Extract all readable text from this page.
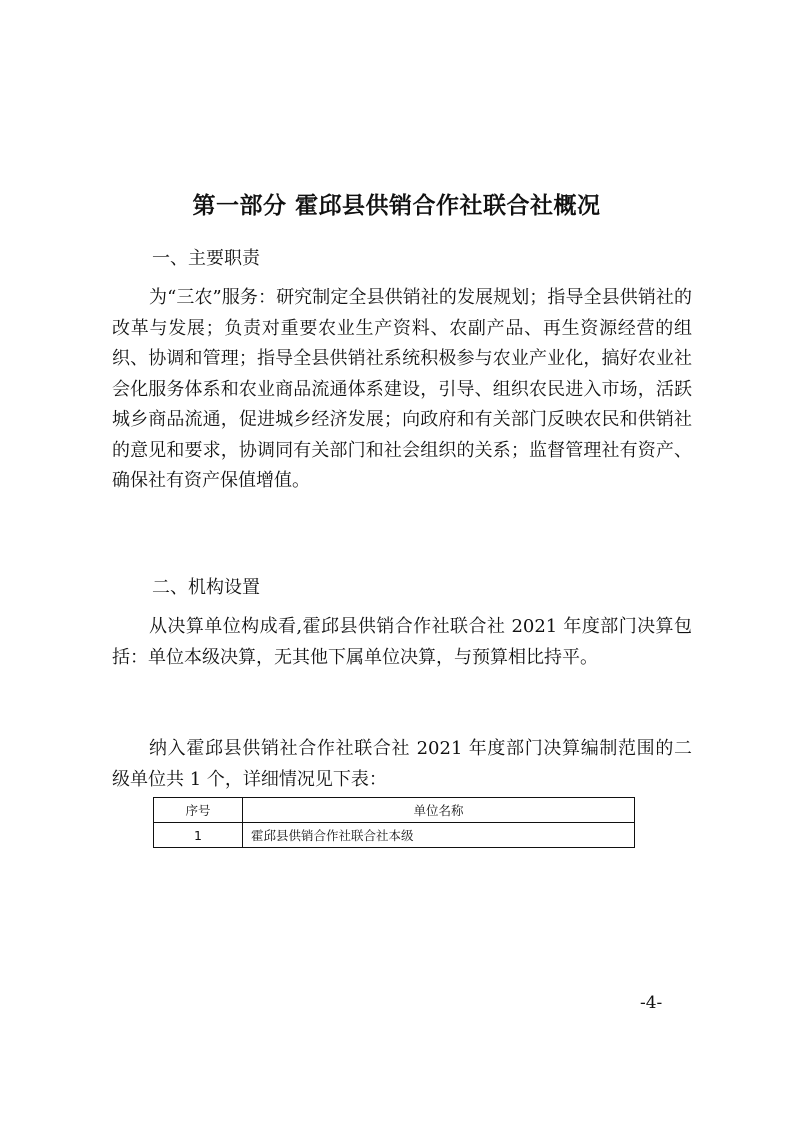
第一部分 霍邱县供销合作社联合社概况
一、主要职责

为“三农”服务：研究制定全县供销社的发展规划；指导全县供销社的改革与发展；负责对重要农业生产资料、农副产品、再生资源经营的组织、协调和管理；指导全县供销社系统积极参与农业产业化，搞好农业社会化服务体系和农业商品流通体系建设，引导、组织农民进入市场，活跃城乡商品流通，促进城乡经济发展；向政府和有关部门反映农民和供销社的意见和要求，协调同有关部门和社会组织的关系；监督管理社有资产、确保社有资产保值增值。

二、机构设置

从决算单位构成看,霍邱县供销合作社联合社 2021 年度部门决算包括：单位本级决算，无其他下属单位决算，与预算相比持平。

纳入霍邱县供销社合作社联合社 2021 年度部门决算编制范围的二级单位共 1 个，详细情况见下表：

序号	单位名称
1	霍邱县供销合作社联合社本级
-4-
